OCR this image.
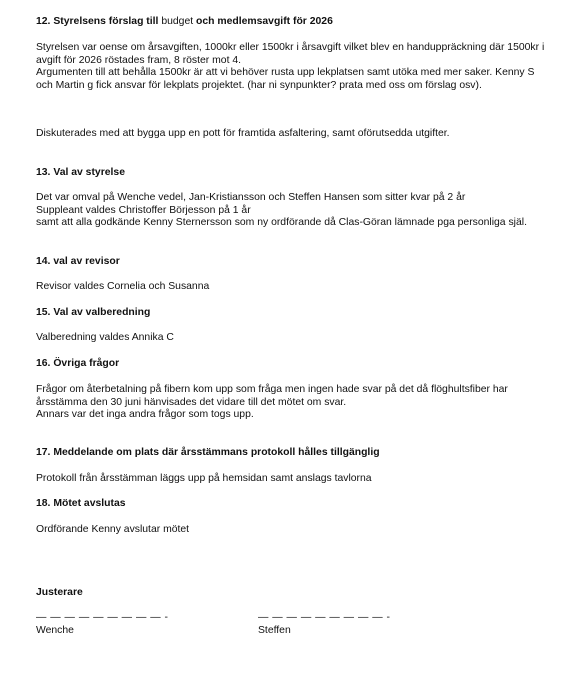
12. Styrelsens förslag till budget och medlemsavgift för 2026

Styrelsen var oense om årsavgiften, 1000kr eller 1500kr i årsavgift vilket blev en handuppräckning där 1500kr i avgift för 2026 röstades fram, 8 röster mot 4.
Argumenten till att behålla 1500kr är att vi behöver rusta upp lekplatsen samt utöka med mer saker. Kenny S och Martin g fick ansvar för lekplats projektet. (har ni synpunkter? prata med oss om förslag osv).

Diskuterades med att bygga upp en pott för framtida asfaltering, samt oförutsedda utgifter.

13. Val av styrelse

Det var omval på Wenche vedel, Jan-Kristiansson och Steffen Hansen som sitter kvar på 2 år
Suppleant valdes Christoffer Börjesson på 1 år
samt att alla godkände Kenny Sternersson som ny ordförande då Clas-Göran lämnade pga personliga själ.

14. val av revisor

Revisor valdes Cornelia och Susanna

15. Val av valberedning

Valberedning valdes Annika C

16. Övriga frågor

Frågor om återbetalning på fibern kom upp som fråga men ingen hade svar på det då flöghultsfiber har årsstämma den 30 juni hänvisades det vidare till det mötet om svar.
Annars var det inga andra frågor som togs upp.

17. Meddelande om plats där årsstämmans protokoll hålles tillgänglig

Protokoll från årsstämman läggs upp på hemsidan samt anslags tavlorna

18. Mötet avslutas

Ordförande Kenny avslutar mötet

Justerare

— — — — — — — — — -
Wenche
— — — — — — — — — -
Steffen
